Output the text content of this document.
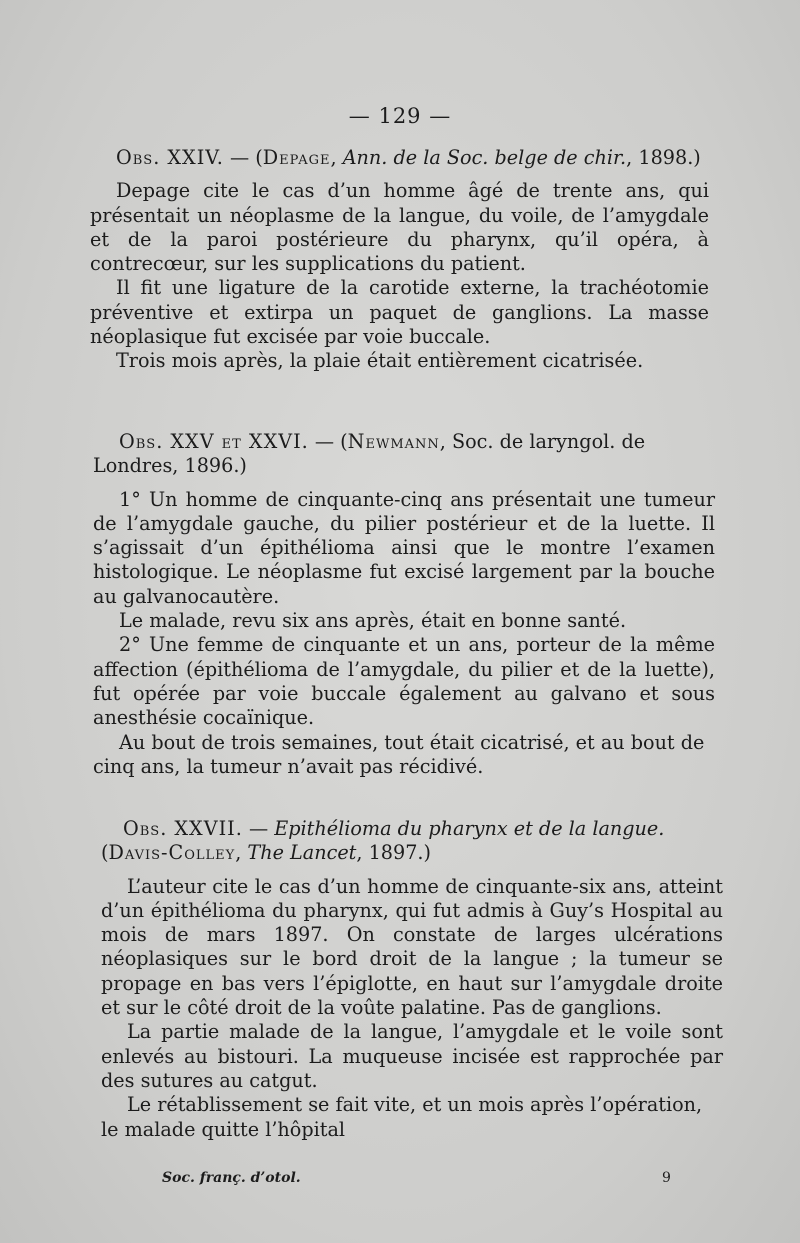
— 129 —

Obs. XXIV. — (Depage, Ann. de la Soc. belge de chir., 1898.)

Depage cite le cas d’un homme âgé de trente ans, qui présentait un néoplasme de la langue, du voile, de l’amygdale et de la paroi postérieure du pharynx, qu’il opéra, à contrecœur, sur les supplications du patient.

Il fit une ligature de la carotide externe, la trachéotomie préventive et extirpa un paquet de ganglions. La masse néoplasique fut excisée par voie buccale.

Trois mois après, la plaie était entièrement cicatrisée.

Obs. XXV et XXVI. — (Newmann, Soc. de laryngol. de Londres, 1896.)

1° Un homme de cinquante-cinq ans présentait une tumeur de l’amygdale gauche, du pilier postérieur et de la luette. Il s’agissait d’un épithélioma ainsi que le montre l’examen histologique. Le néoplasme fut excisé largement par la bouche au galvanocautère.

Le malade, revu six ans après, était en bonne santé.

2° Une femme de cinquante et un ans, porteur de la même affection (épithélioma de l’amygdale, du pilier et de la luette), fut opérée par voie buccale également au galvano et sous anesthésie cocaïnique.

Au bout de trois semaines, tout était cicatrisé, et au bout de cinq ans, la tumeur n’avait pas récidivé.

Obs. XXVII. — Epithélioma du pharynx et de la langue. (Davis-Colley, The Lancet, 1897.)

L’auteur cite le cas d’un homme de cinquante-six ans, atteint d’un épithélioma du pharynx, qui fut admis à Guy’s Hospital au mois de mars 1897. On constate de larges ulcérations néoplasiques sur le bord droit de la langue ; la tumeur se propage en bas vers l’épiglotte, en haut sur l’amygdale droite et sur le côté droit de la voûte palatine. Pas de ganglions.

La partie malade de la langue, l’amygdale et le voile sont enlevés au bistouri. La muqueuse incisée est rapprochée par des sutures au catgut.

Le rétablissement se fait vite, et un mois après l’opération, le malade quitte l’hôpital

Soc. franç. d’otol.	9
